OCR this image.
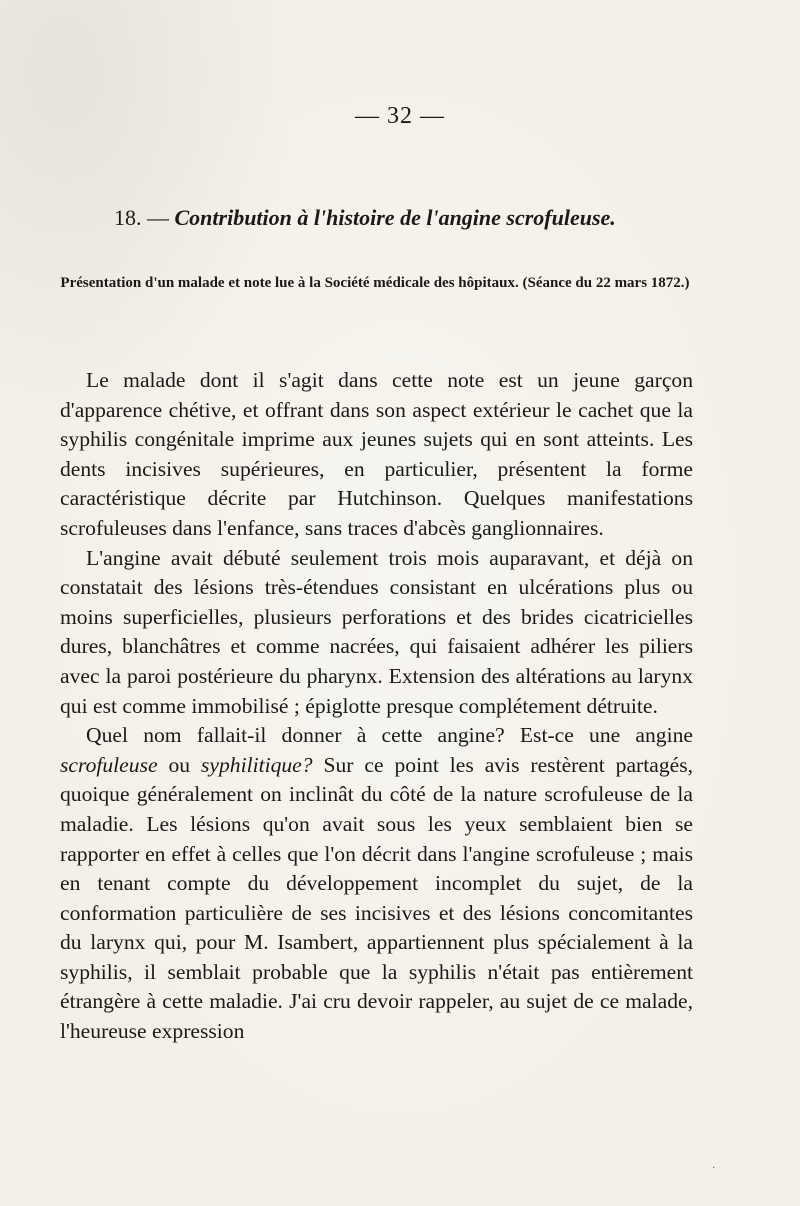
— 32 —
18. — Contribution à l'histoire de l'angine scrofuleuse.
Présentation d'un malade et note lue à la Société médicale des hôpitaux. (Séance du 22 mars 1872.)

Le malade dont il s'agit dans cette note est un jeune garçon d'apparence chétive, et offrant dans son aspect extérieur le cachet que la syphilis congénitale imprime aux jeunes sujets qui en sont atteints. Les dents incisives supérieures, en particulier, présentent la forme caractéristique décrite par Hutchinson. Quelques manifestations scrofuleuses dans l'enfance, sans traces d'abcès ganglionnaires.

L'angine avait débuté seulement trois mois auparavant, et déjà on constatait des lésions très-étendues consistant en ulcérations plus ou moins superficielles, plusieurs perforations et des brides cicatricielles dures, blanchâtres et comme nacrées, qui faisaient adhérer les piliers avec la paroi postérieure du pharynx. Extension des altérations au larynx qui est comme immobilisé ; épiglotte presque complétement détruite.

Quel nom fallait-il donner à cette angine? Est-ce une angine scrofuleuse ou syphilitique? Sur ce point les avis restèrent partagés, quoique généralement on inclinât du côté de la nature scrofuleuse de la maladie. Les lésions qu'on avait sous les yeux semblaient bien se rapporter en effet à celles que l'on décrit dans l'angine scrofuleuse ; mais en tenant compte du développement incomplet du sujet, de la conformation particulière de ses incisives et des lésions concomitantes du larynx qui, pour M. Isambert, appartiennent plus spécialement à la syphilis, il semblait probable que la syphilis n'était pas entièrement étrangère à cette maladie. J'ai cru devoir rappeler, au sujet de ce malade, l'heureuse expression

·
